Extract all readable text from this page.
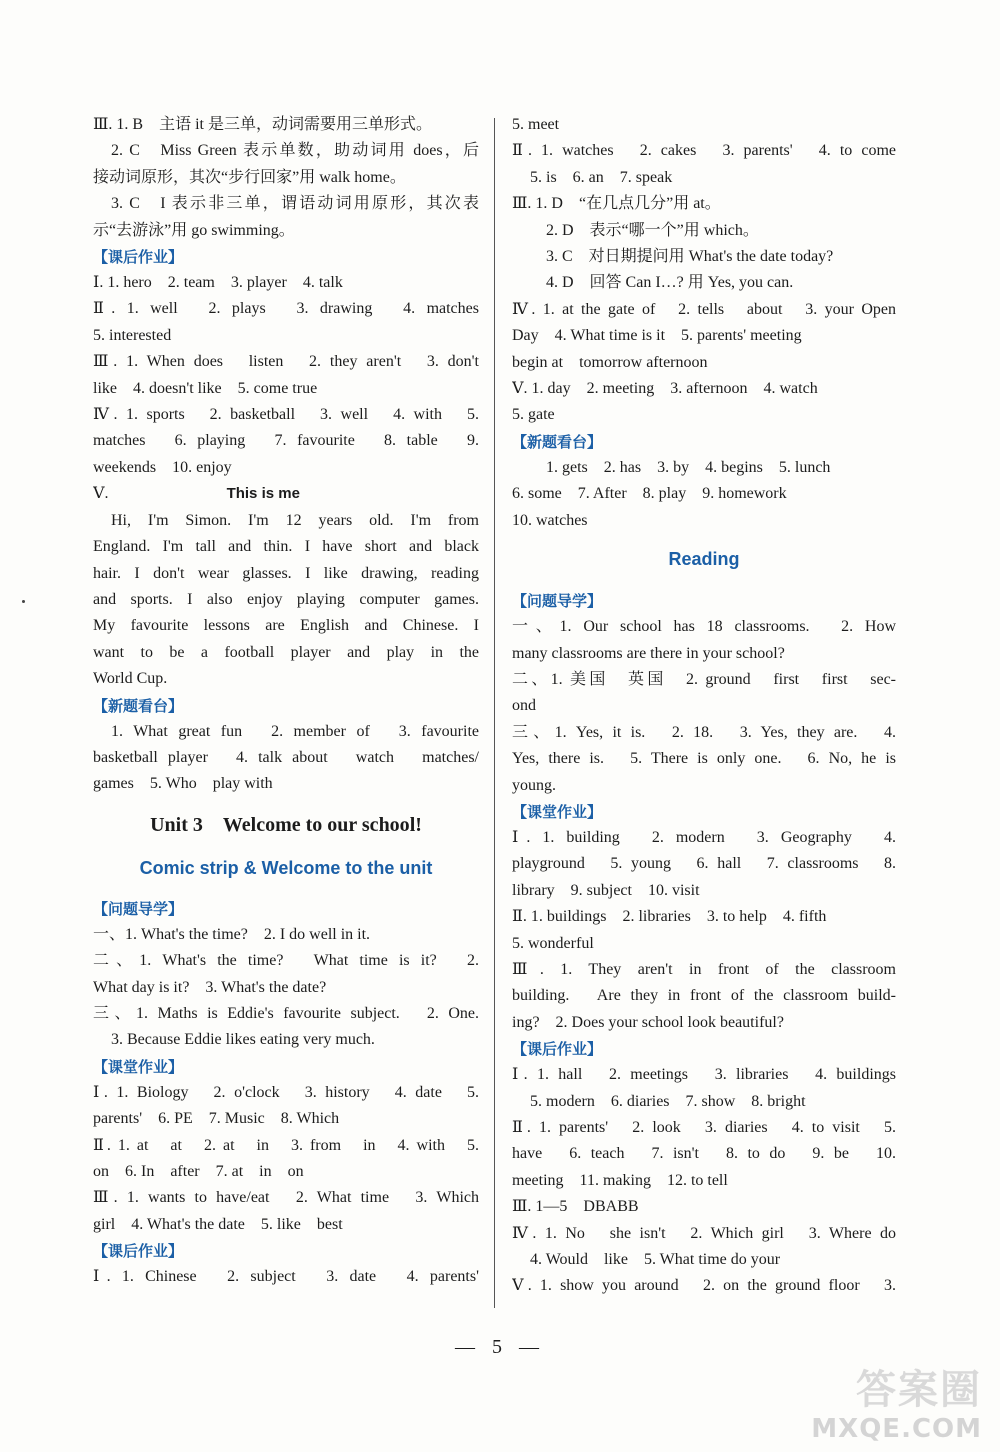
Ⅲ. 1. B　主语 it 是三单，动词需要用三单形式。
2. C　Miss Green 表示单数，助动词用 does，后
接动词原形，其次“步行回家”用 walk home。
3. C　I 表示非三单，谓语动词用原形，其次表
示“去游泳”用 go swimming。
【课后作业】
Ⅰ. 1. hero　2. team　3. player　4. talk
Ⅱ. 1. well　2. plays　3. drawing　4. matches
5. interested
Ⅲ. 1. When does　listen　2. they aren't　3. don't
like　4. doesn't like　5. come true
Ⅳ. 1. sports　2. basketball　3. well　4. with　5.
matches　6. playing　7. favourite　8. table　9.
weekends　10. enjoy
Ⅴ.	This is me
Hi, I'm Simon. I'm 12 years old. I'm from
England. I'm tall and thin. I have short and black
hair. I don't wear glasses. I like drawing, reading
and sports. I also enjoy playing computer games.
My favourite lessons are English and Chinese. I
want to be a football player and play in the
World Cup.
【新题看台】
1. What great fun　2. member of　3. favourite
basketball player　4. talk about　watch　matches/
games　5. Who　play with
Unit 3　Welcome to our school!
Comic strip & Welcome to the unit
【问题导学】
一、1. What's the time?　2. I do well in it.
二、1. What's the time?　What time is it?　2.
What day is it?　3. What's the date?
三、1. Maths is Eddie's favourite subject.　2. One.
3. Because Eddie likes eating very much.
【课堂作业】
Ⅰ. 1. Biology　2. o'clock　3. history　4. date　5.
parents'　6. PE　7. Music　8. Which
Ⅱ. 1. at　at　2. at　in　3. from　in　4. with　5.
on　6. In　after　7. at　in　on
Ⅲ. 1. wants to have/eat　2. What time　3. Which
girl　4. What's the date　5. like　best
【课后作业】
Ⅰ. 1. Chinese　2. subject　3. date　4. parents'
5. meet
Ⅱ. 1. watches　2. cakes　3. parents'　4. to come
5. is　6. an　7. speak
Ⅲ. 1. D　“在几点几分”用 at。
2. D　表示“哪一个”用 which。
3. C　对日期提问用 What's the date today?
4. D　回答 Can I…? 用 Yes, you can.
Ⅳ. 1. at the gate of　2. tells　about　3. your Open
Day　4. What time is it　5. parents' meeting
begin at　tomorrow afternoon
Ⅴ. 1. day　2. meeting　3. afternoon　4. watch
5. gate
【新题看台】
1. gets　2. has　3. by　4. begins　5. lunch
6. some　7. After　8. play　9. homework
10. watches
Reading
【问题导学】
一、1. Our school has 18 classrooms.　2. How
many classrooms are there in your school?
二、1. 美国　英国　2. ground　first　first　sec-
ond
三、1. Yes, it is.　2. 18.　3. Yes, they are.　4.
Yes, there is.　5. There is only one.　6. No, he is
young.
【课堂作业】
Ⅰ. 1. building　2. modern　3. Geography　4.
playground　5. young　6. hall　7. classrooms　8.
library　9. subject　10. visit
Ⅱ. 1. buildings　2. libraries　3. to help　4. fifth
5. wonderful
Ⅲ. 1. They aren't in front of the classroom
building.　Are they in front of the classroom build-
ing?　2. Does your school look beautiful?
【课后作业】
Ⅰ. 1. hall　2. meetings　3. libraries　4. buildings
5. modern　6. diaries　7. show　8. bright
Ⅱ. 1. parents'　2. look　3. diaries　4. to visit　5.
have　6. teach　7. isn't　8. to do　9. be　10.
meeting　11. making　12. to tell
Ⅲ. 1—5　DBABB
Ⅳ. 1. No　she isn't　2. Which girl　3. Where do
4. Would　like　5. What time do your
Ⅴ. 1. show you around　2. on the ground floor　3.
— 5 —
答案圈
MXQE.COM
